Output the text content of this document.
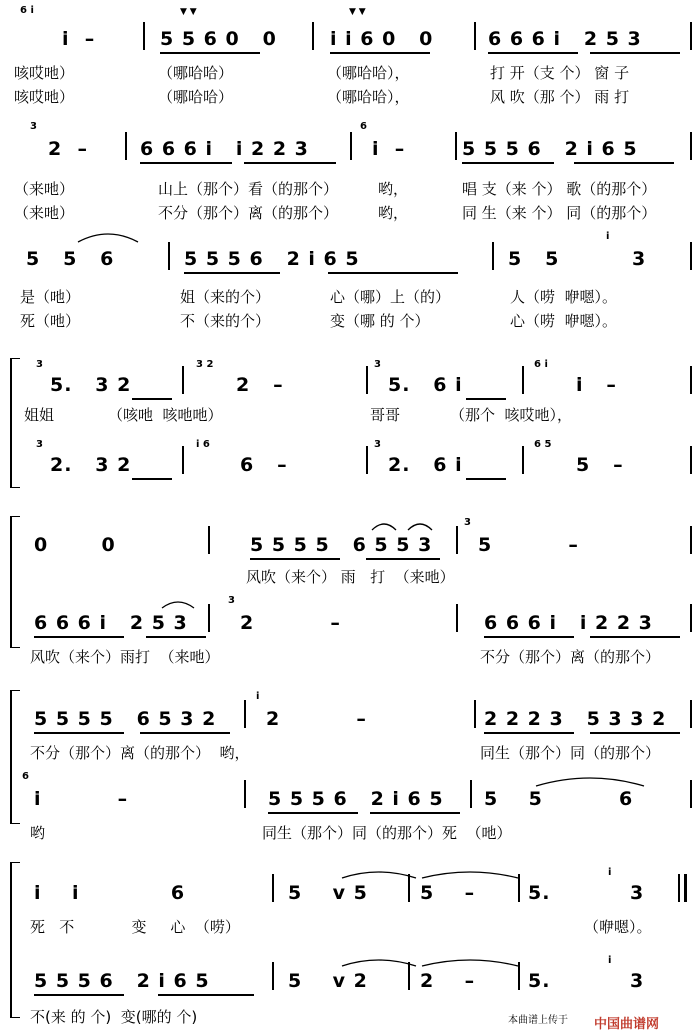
6 i
i  –	5 5 6 0   0	i i 6 0   0	6 6 6 i   2 5 3
▼ ▼	▼ ▼
咳哎吔）	（哪哈哈）	（哪哈哈），	打 开（支 个） 窗 子
咳哎吔）	（哪哈哈）	（哪哈哈），	风 吹（那 个） 雨 打
3
2  –	6 6 6 i   i 2 2 3
6
i  –	5 5 5 6   2 i 6 5
（来吔）	山上（那个）看（的那个）	哟，	唱 支（来 个） 歌（的那个）
（来吔）	不分（那个）离（的那个）	哟，	同 生（来 个） 同（的那个）
5   5   6	5 5 5 6   2 i 6 5	5   5
i
3
是（吔）	姐（来的个）	心（哪）上（的）	人（唠  咿嗯）。
死（吔）	不（来的个）	变（哪 的 个）	心（唠  咿嗯）。
3
5.   3 2
3 2
2   –
3
5.   6 i
6 i
i   –
姐姐	（咳吔  咳吔吔）	哥哥	（那个  咳哎吔），
3
2.   3 2
i 6
6   –
3
2.   6 i
6 5
5   –
0       0	5 5 5 5   6 5 5 3
3
5          –
风吹（来个） 雨   打  （来吔）
6 6 6 i   2 5 3
3
2          –	6 6 6 i   i 2 2 3
风吹（来个）雨打  （来吔）	不分（那个）离（的那个）
5 5 5 5   6 5 3 2
i
2          –	2 2 2 3   5 3 3 2
不分（那个）离（的那个）  哟，	同生（那个）同（的那个）
6
i          –	5 5 5 6   2 i 6 5 5    5          6
哟	同生（那个）同（的那个）死  （吔）
i    i            6	5    v 5	5    –	5.
i
3
死   不            变     心  （唠）	（咿嗯）。
5 5 5 6   2 i 6 5	5    v 2	2    –	5.
i
3
不(来 的 个)  变(哪的 个)	本曲谱上传于 中国曲谱网
